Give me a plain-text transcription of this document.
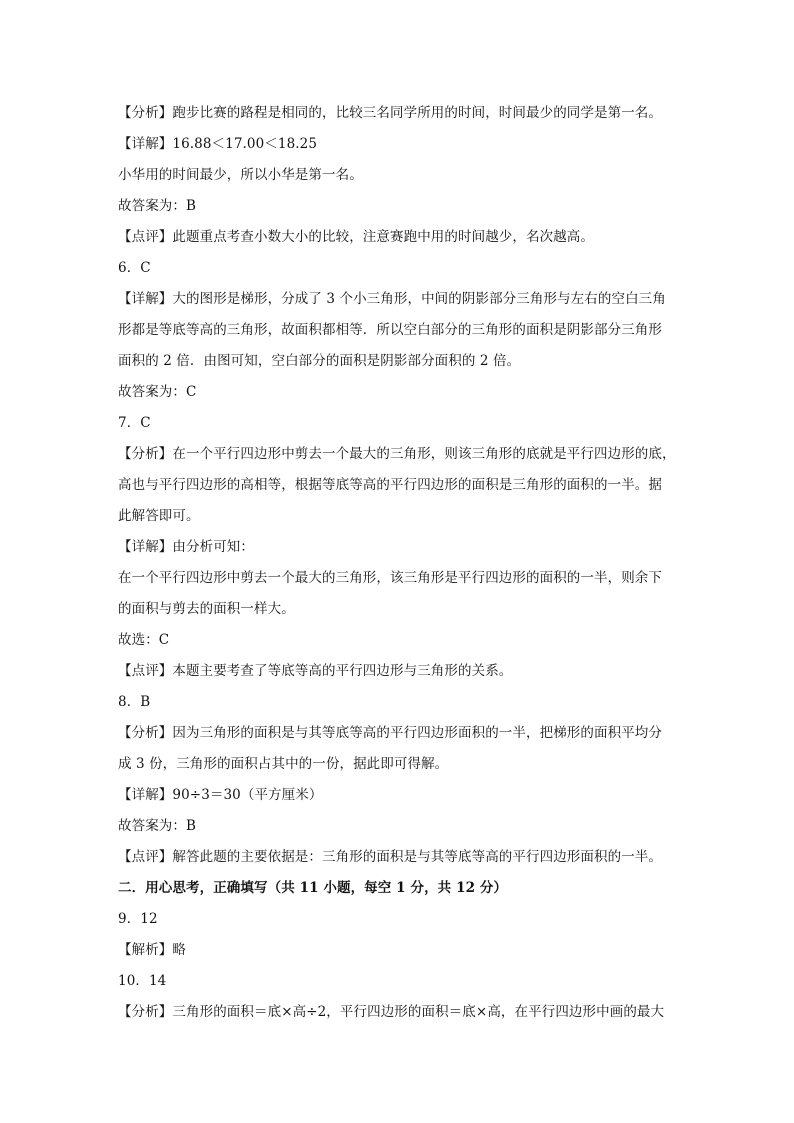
【分析】跑步比赛的路程是相同的，比较三名同学所用的时间，时间最少的同学是第一名。
【详解】16.88＜17.00＜18.25
小华用的时间最少，所以小华是第一名。
故答案为：B
【点评】此题重点考查小数大小的比较，注意赛跑中用的时间越少，名次越高。
6．C
【详解】大的图形是梯形，分成了 3 个小三角形，中间的阴影部分三角形与左右的空白三角
形都是等底等高的三角形，故面积都相等．所以空白部分的三角形的面积是阴影部分三角形
面积的 2 倍．由图可知，空白部分的面积是阴影部分面积的 2 倍。
故答案为：C
7．C
【分析】在一个平行四边形中剪去一个最大的三角形，则该三角形的底就是平行四边形的底，
高也与平行四边形的高相等，根据等底等高的平行四边形的面积是三角形的面积的一半。据
此解答即可。
【详解】由分析可知：
在一个平行四边形中剪去一个最大的三角形，该三角形是平行四边形的面积的一半，则余下
的面积与剪去的面积一样大。
故选：C
【点评】本题主要考查了等底等高的平行四边形与三角形的关系。
8．B
【分析】因为三角形的面积是与其等底等高的平行四边形面积的一半，把梯形的面积平均分
成 3 份，三角形的面积占其中的一份，据此即可得解。
【详解】90÷3＝30（平方厘米）
故答案为：B
【点评】解答此题的主要依据是：三角形的面积是与其等底等高的平行四边形面积的一半。
二．用心思考，正确填写（共 11 小题，每空 1 分，共 12 分）
9．12
【解析】略
10．14
【分析】三角形的面积＝底×高÷2，平行四边形的面积＝底×高，在平行四边形中画的最大
